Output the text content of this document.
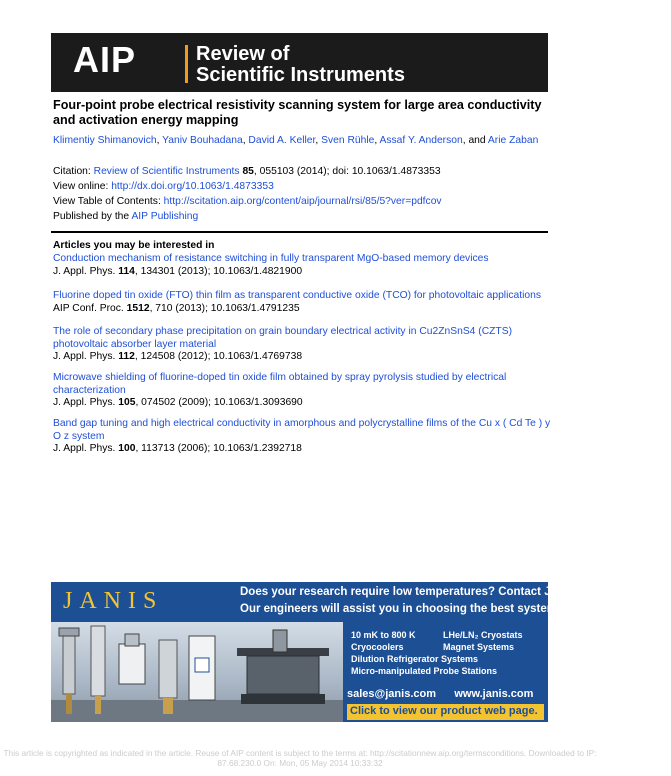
AIP	Review of
Scientific Instruments
Four-point probe electrical resistivity scanning system for large area conductivity and activation energy mapping
Klimentiy Shimanovich, Yaniv Bouhadana, David A. Keller, Sven Rühle, Assaf Y. Anderson, and Arie Zaban
Citation: Review of Scientific Instruments 85, 055103 (2014); doi: 10.1063/1.4873353
View online: http://dx.doi.org/10.1063/1.4873353
View Table of Contents: http://scitation.aip.org/content/aip/journal/rsi/85/5?ver=pdfcov
Published by the AIP Publishing
Articles you may be interested in
Conduction mechanism of resistance switching in fully transparent MgO-based memory devices
J. Appl. Phys. 114, 134301 (2013); 10.1063/1.4821900
Fluorine doped tin oxide (FTO) thin film as transparent conductive oxide (TCO) for photovoltaic applications
AIP Conf. Proc. 1512, 710 (2013); 10.1063/1.4791235
The role of secondary phase precipitation on grain boundary electrical activity in Cu2ZnSnS4 (CZTS) photovoltaic absorber layer material
J. Appl. Phys. 112, 124508 (2012); 10.1063/1.4769738
Microwave shielding of fluorine-doped tin oxide film obtained by spray pyrolysis studied by electrical characterization
J. Appl. Phys. 105, 074502 (2009); 10.1063/1.3093690
Band gap tuning and high electrical conductivity in amorphous and polycrystalline films of the Cu x ( Cd Te ) y O z system
J. Appl. Phys. 100, 113713 (2006); 10.1063/1.2392718
JANIS	Does your research require low temperatures? Contact Janis today.
Our engineers will assist you in choosing the best system for your application.
10 mK to 800 K	LHe/LN₂ Cryostats
Cryocoolers	Magnet Systems
Dilution Refrigerator Systems
Micro-manipulated Probe Stations
sales@janis.com www.janis.com
Click to view our product web page.
This article is copyrighted as indicated in the article. Reuse of AIP content is subject to the terms at: http://scitationnew.aip.org/termsconditions. Downloaded to IP:
87.68.230.0 On: Mon, 05 May 2014 10:33:32
